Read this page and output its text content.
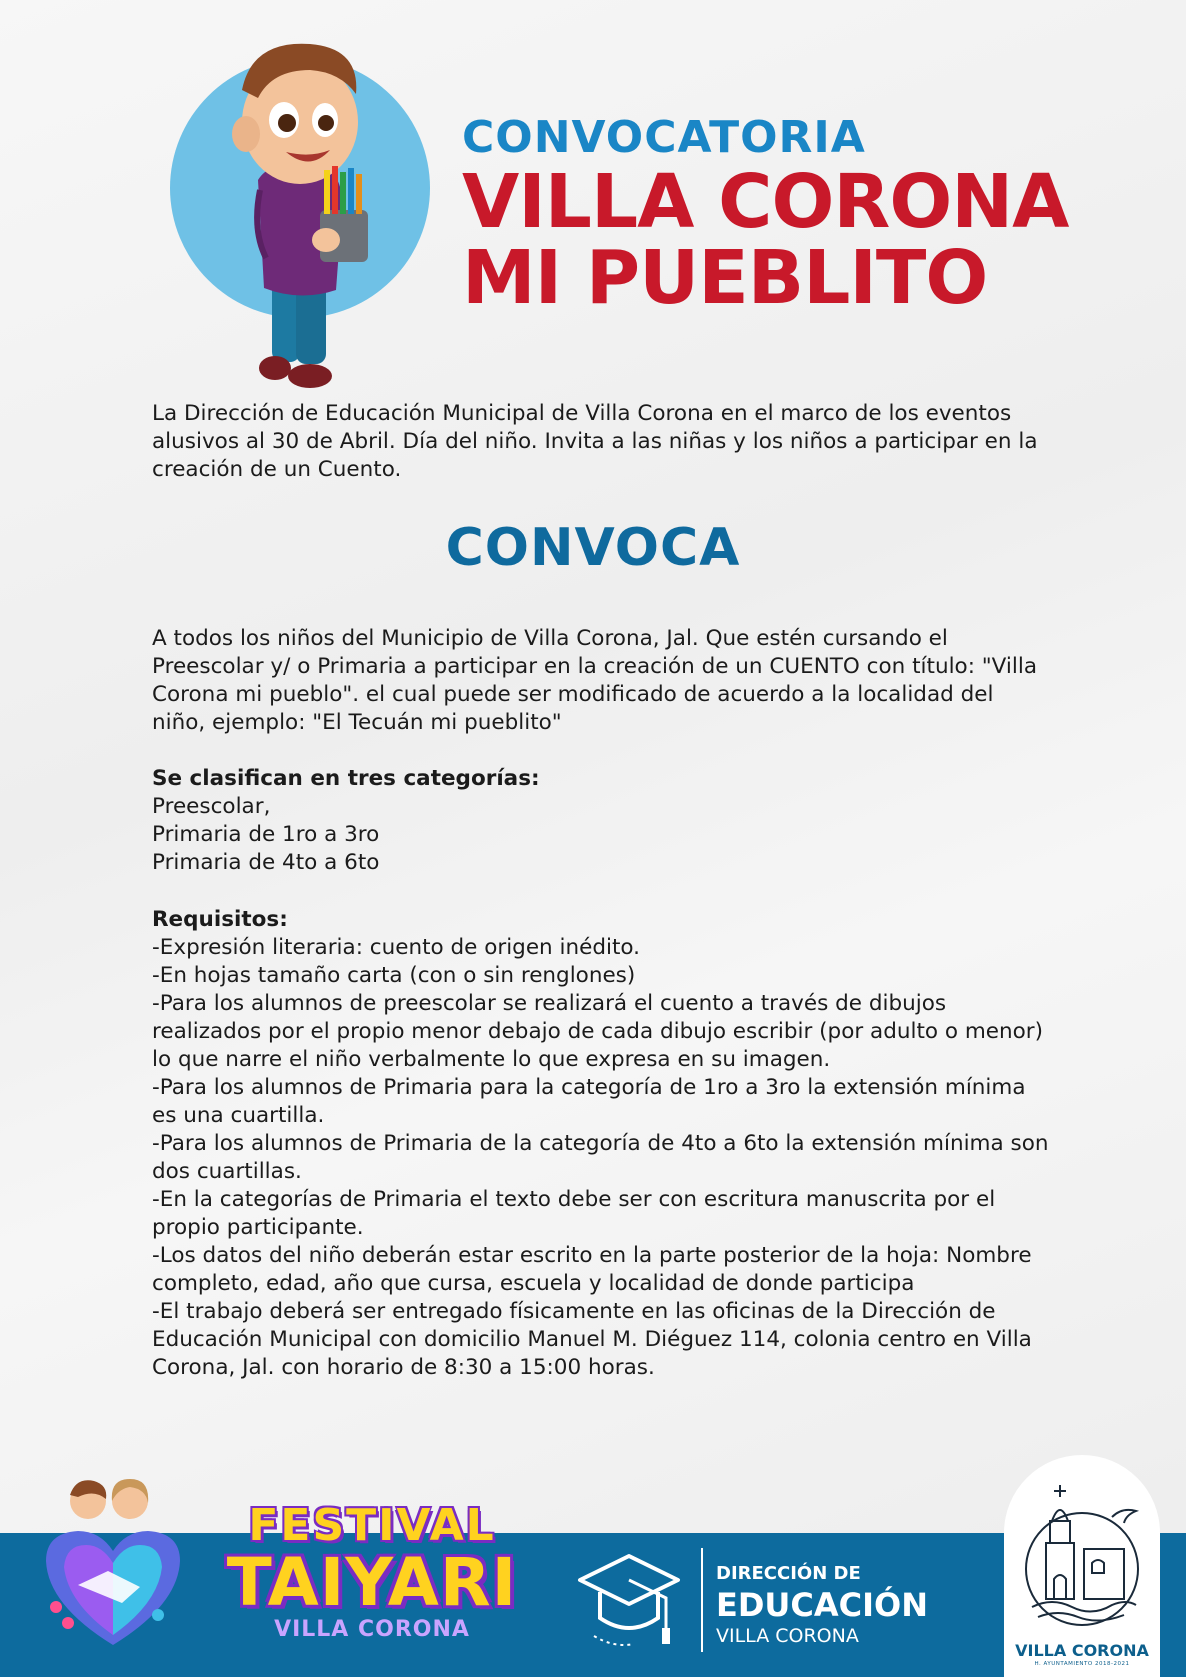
CONVOCATORIA
VILLA CORONA
MI PUEBLITO

La Dirección de Educación Municipal de Villa Corona en el marco de los eventos alusivos al 30 de Abril. Día del niño. Invita a las niñas y los niños a participar en la creación de un Cuento.

CONVOCA

A todos los niños del Municipio de Villa Corona, Jal. Que estén cursando el Preescolar y/ o Primaria a participar en la creación de un CUENTO con título: "Villa Corona mi pueblo". el cual puede ser modificado de acuerdo a la localidad del niño, ejemplo: "El Tecuán mi pueblito"

Se clasifican en tres categorías:
Preescolar,
Primaria de 1ro a 3ro
Primaria de 4to a 6to
Requisitos:
-Expresión literaria: cuento de origen inédito.
-En hojas tamaño carta (con o sin renglones)
-Para los alumnos de preescolar se realizará el cuento a través de dibujos realizados por el propio menor debajo de cada dibujo escribir (por adulto o menor) lo que narre el niño verbalmente lo que expresa en su imagen.
-Para los alumnos de Primaria para la categoría de 1ro a 3ro la extensión mínima es una cuartilla.
-Para los alumnos de Primaria de la categoría de 4to a 6to la extensión mínima son dos cuartillas.
-En la categorías de Primaria el texto debe ser con escritura manuscrita por el propio participante.
-Los datos del niño deberán estar escrito en la parte posterior de la hoja: Nombre completo, edad, año que cursa, escuela y localidad de donde participa
-El trabajo deberá ser entregado físicamente en las oficinas de la Dirección de Educación Municipal con domicilio Manuel M. Diéguez 114, colonia centro en Villa Corona, Jal. con horario de 8:30 a 15:00 horas.
FESTIVAL
TAIYARI
VILLA CORONA
DIRECCIÓN DE
EDUCACIÓN
VILLA CORONA
VILLA CORONA
H. AYUNTAMIENTO 2018-2021
